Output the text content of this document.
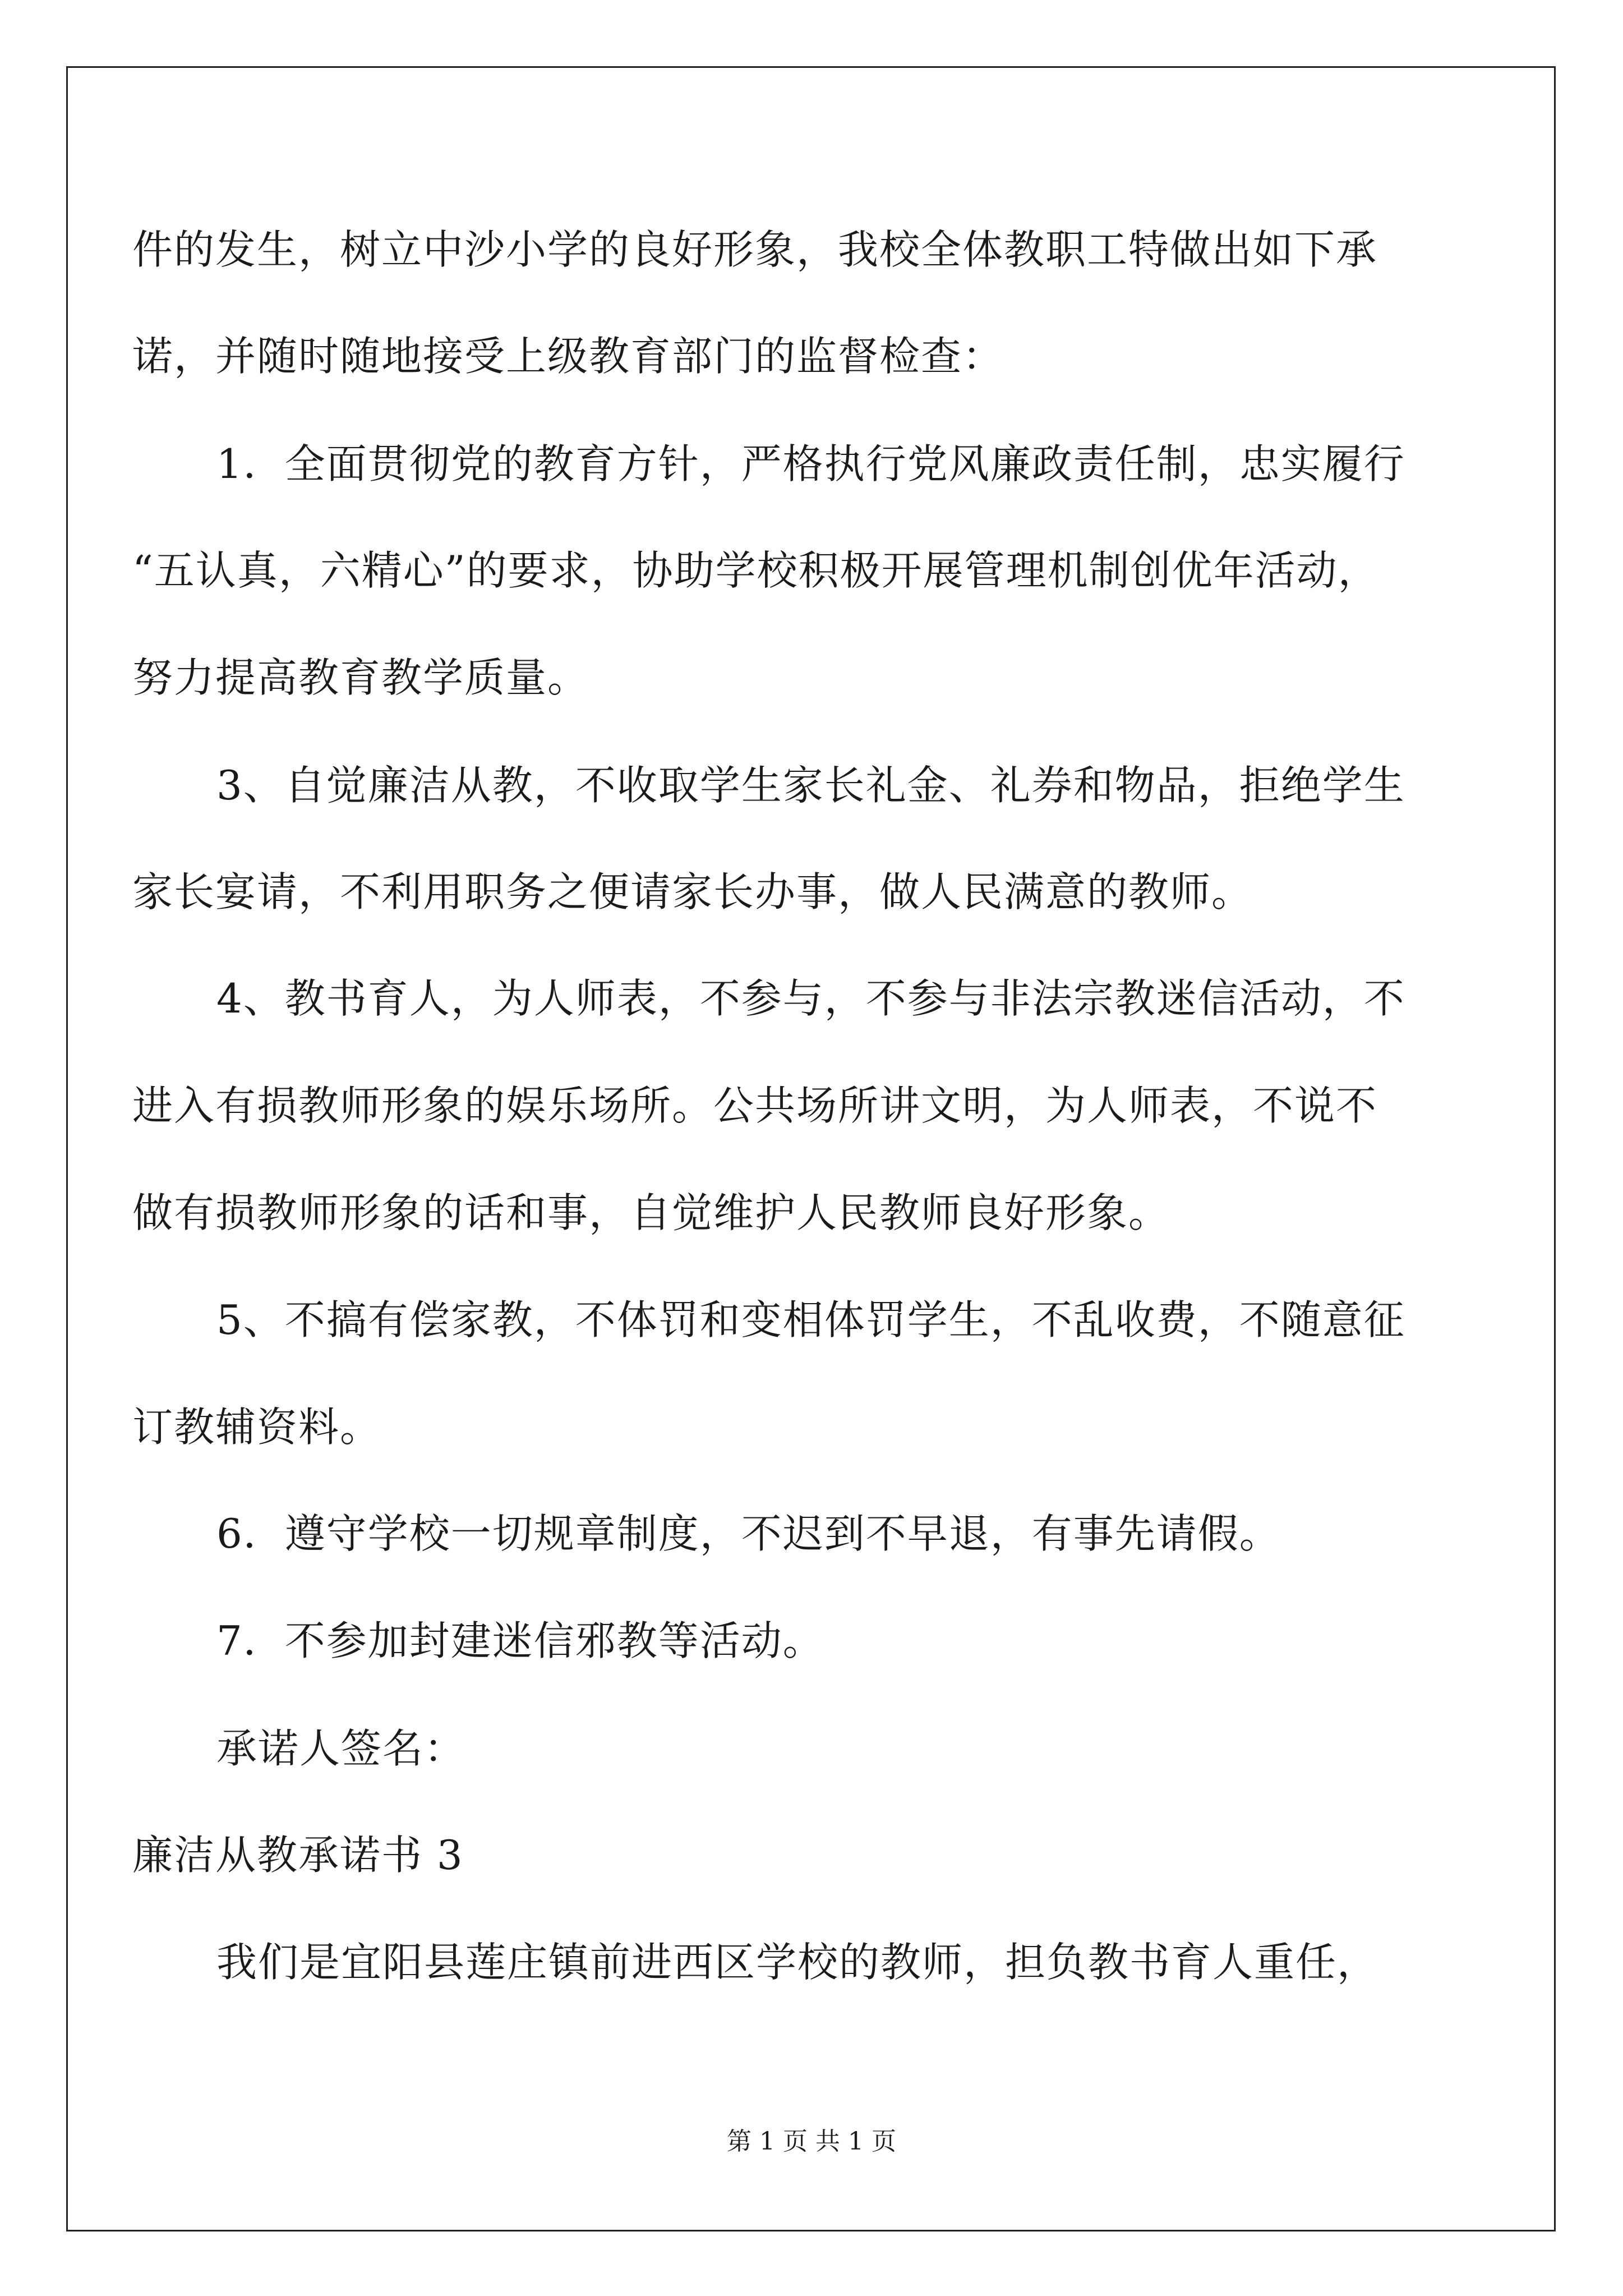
件的发生，树立中沙小学的良好形象，我校全体教职工特做出如下承
诺，并随时随地接受上级教育部门的监督检查：
1．全面贯彻党的教育方针，严格执行党风廉政责任制，忠实履行
“五认真，六精心”的要求，协助学校积极开展管理机制创优年活动，
努力提高教育教学质量。
3、自觉廉洁从教，不收取学生家长礼金、礼券和物品，拒绝学生
家长宴请，不利用职务之便请家长办事，做人民满意的教师。
4、教书育人，为人师表，不参与，不参与非法宗教迷信活动，不
进入有损教师形象的娱乐场所。公共场所讲文明，为人师表，不说不
做有损教师形象的话和事，自觉维护人民教师良好形象。
5、不搞有偿家教，不体罚和变相体罚学生，不乱收费，不随意征
订教辅资料。
6．遵守学校一切规章制度，不迟到不早退，有事先请假。
7．不参加封建迷信邪教等活动。
承诺人签名：
廉洁从教承诺书 3
我们是宜阳县莲庄镇前进西区学校的教师，担负教书育人重任，
第 1 页 共 1 页
